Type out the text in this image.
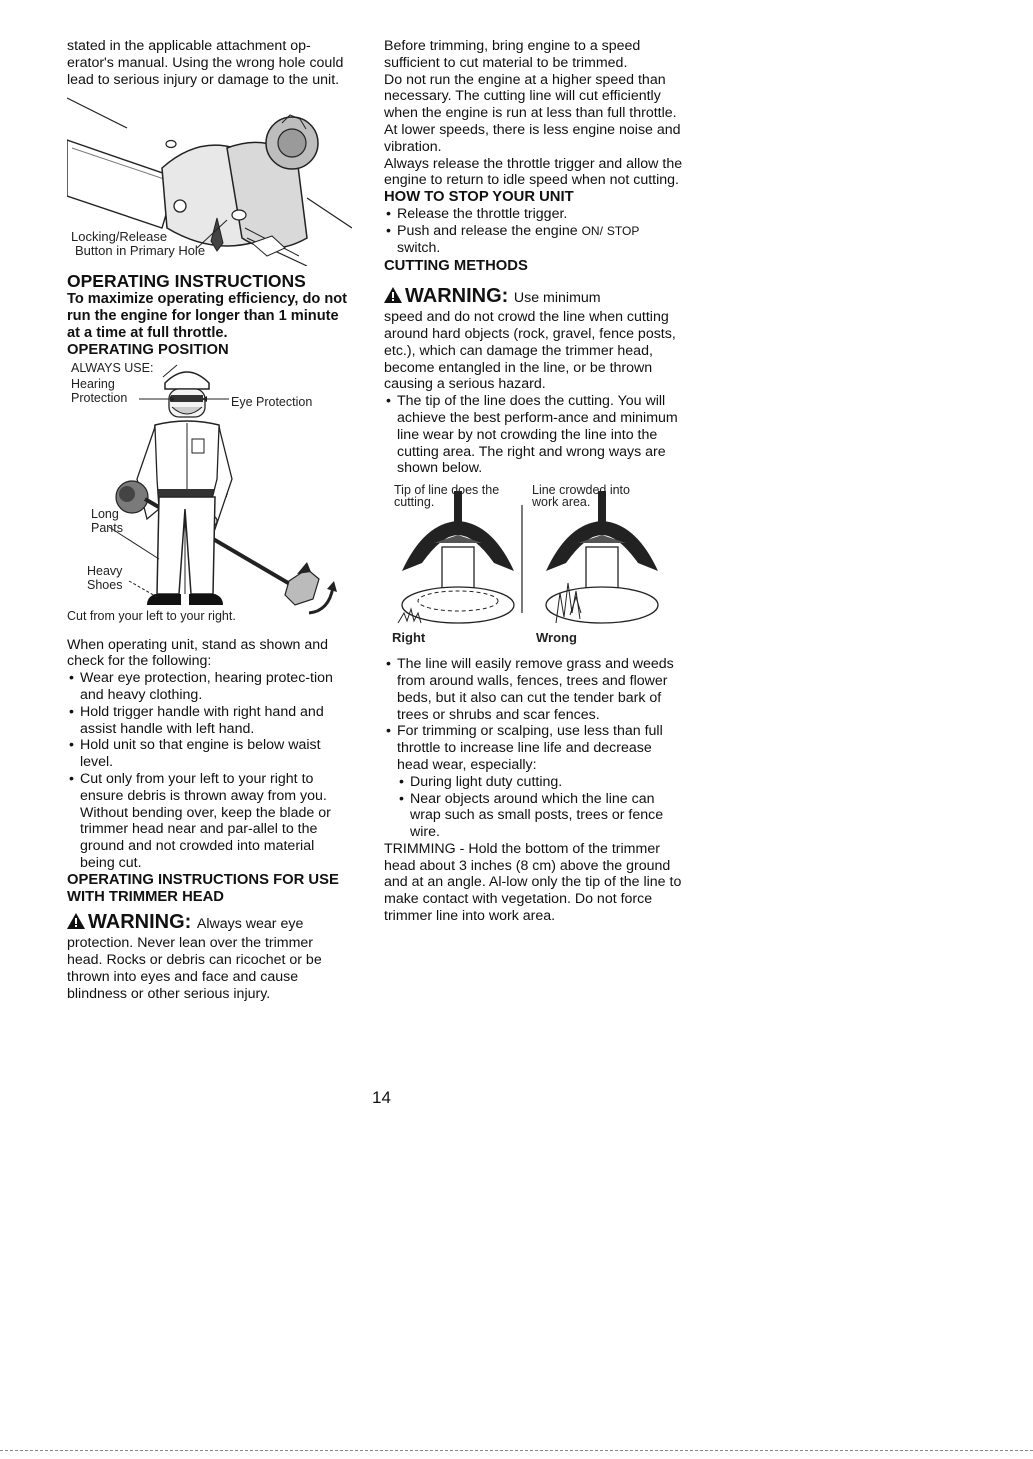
stated in the applicable attachment op-erator's manual. Using the wrong hole could lead to serious injury or damage to the unit.

Locking/Release
Button in Primary Hole
OPERATING INSTRUCTIONS

To maximize operating efficiency, do not run the engine for longer than 1 minute at a time at full throttle.

OPERATING POSITION
ALWAYS USE:
Hearing
Protection	Eye Protection
Long
Pants
Heavy
Shoes
Cut from your left to your right.

When operating unit, stand as shown and check for the following:

• Wear eye protection, hearing protec-tion and heavy clothing.
• Hold trigger handle with right hand and assist handle with left hand.
• Hold unit so that engine is below waist level.
• Cut only from your left to your right to ensure debris is thrown away from you. Without bending over, keep the blade or trimmer head near and par-allel to the ground and not crowded into material being cut.
OPERATING INSTRUCTIONS FOR USE WITH TRIMMER HEAD
WARNING: Always wear eye

protection. Never lean over the trimmer head. Rocks or debris can ricochet or be thrown into eyes and face and cause blindness or other serious injury.

Before trimming, bring engine to a speed sufficient to cut material to be trimmed.

Do not run the engine at a higher speed than necessary. The cutting line will cut efficiently when the engine is run at less than full throttle. At lower speeds, there is less engine noise and vibration.

Always release the throttle trigger and allow the engine to return to idle speed when not cutting.

HOW TO STOP YOUR UNIT
• Release the throttle trigger.
• Push and release the engine ON/ STOP switch.
CUTTING METHODS
WARNING: Use minimum

speed and do not crowd the line when cutting around hard objects (rock, gravel, fence posts, etc.), which can damage the trimmer head, become entangled in the line, or be thrown causing a serious hazard.

• The tip of the line does the cutting. You will achieve the best perform-ance and minimum line wear by not crowding the line into the cutting area. The right and wrong ways are shown below.
Tip of line does the
cutting.
Line crowded into
work area.
Right	Wrong
• The line will easily remove grass and weeds from around walls, fences, trees and flower beds, but it also can cut the tender bark of trees or shrubs and scar fences.
• For trimming or scalping, use less than full throttle to increase line life and decrease head wear, especially:
• During light duty cutting.
• Near objects around which the line can wrap such as small posts, trees or fence wire.

TRIMMING - Hold the bottom of the trimmer head about 3 inches (8 cm) above the ground and at an angle. Al-low only the tip of the line to make contact with vegetation. Do not force trimmer line into work area.

14
